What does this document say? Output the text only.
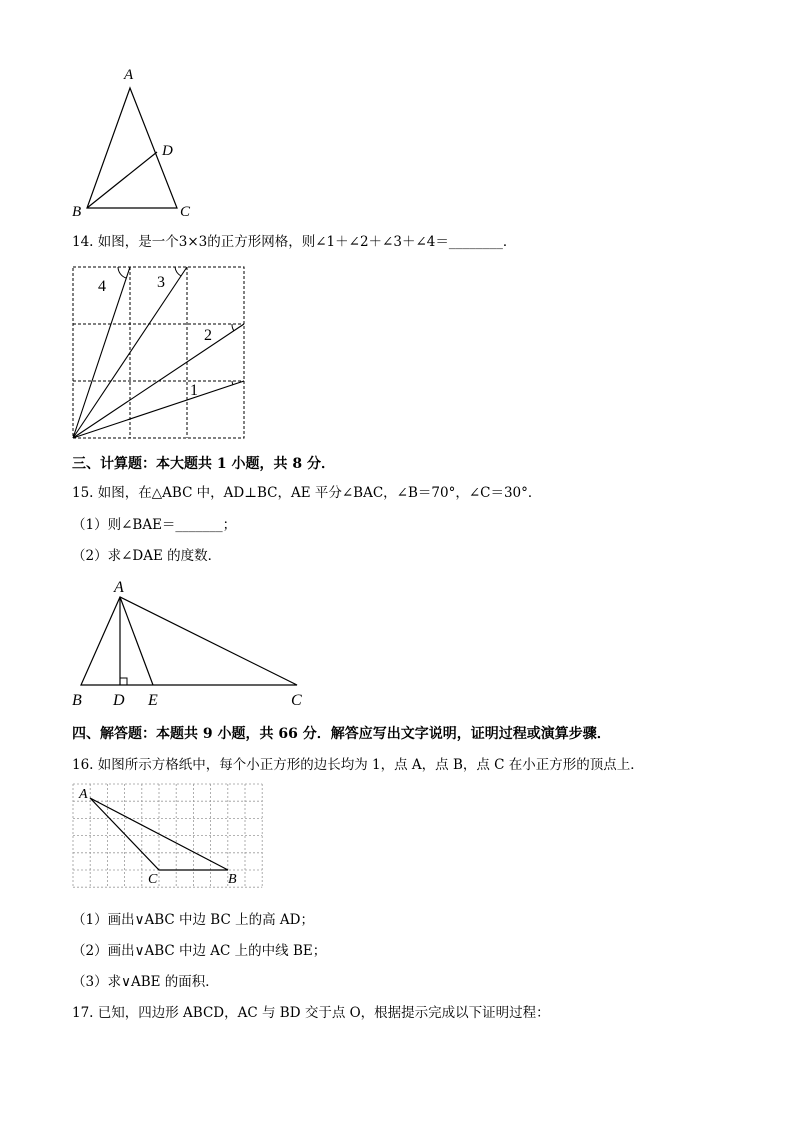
A
D
B	C
14. 如图，是一个3×3的正方形网格，则∠1＋∠2＋∠3＋∠4＝________．
4	3
2
1
三、计算题：本大题共 1 小题，共 8 分．
15. 如图，在△ABC 中，AD⊥BC，AE 平分∠BAC，∠B＝70°，∠C＝30°．
（1）则∠BAE＝_______；
（2）求∠DAE 的度数．
A
B D E	C
四、解答题：本题共 9 小题，共 66 分．解答应写出文字说明，证明过程或演算步骤．
16. 如图所示方格纸中，每个小正方形的边长均为 1，点 A，点 B，点 C 在小正方形的顶点上．
A
C	B
（1）画出∨ABC 中边 BC 上的高 AD；
（2）画出∨ABC 中边 AC 上的中线 BE；
（3）求∨ABE 的面积．
17. 已知，四边形 ABCD，AC 与 BD 交于点 O，根据提示完成以下证明过程：
